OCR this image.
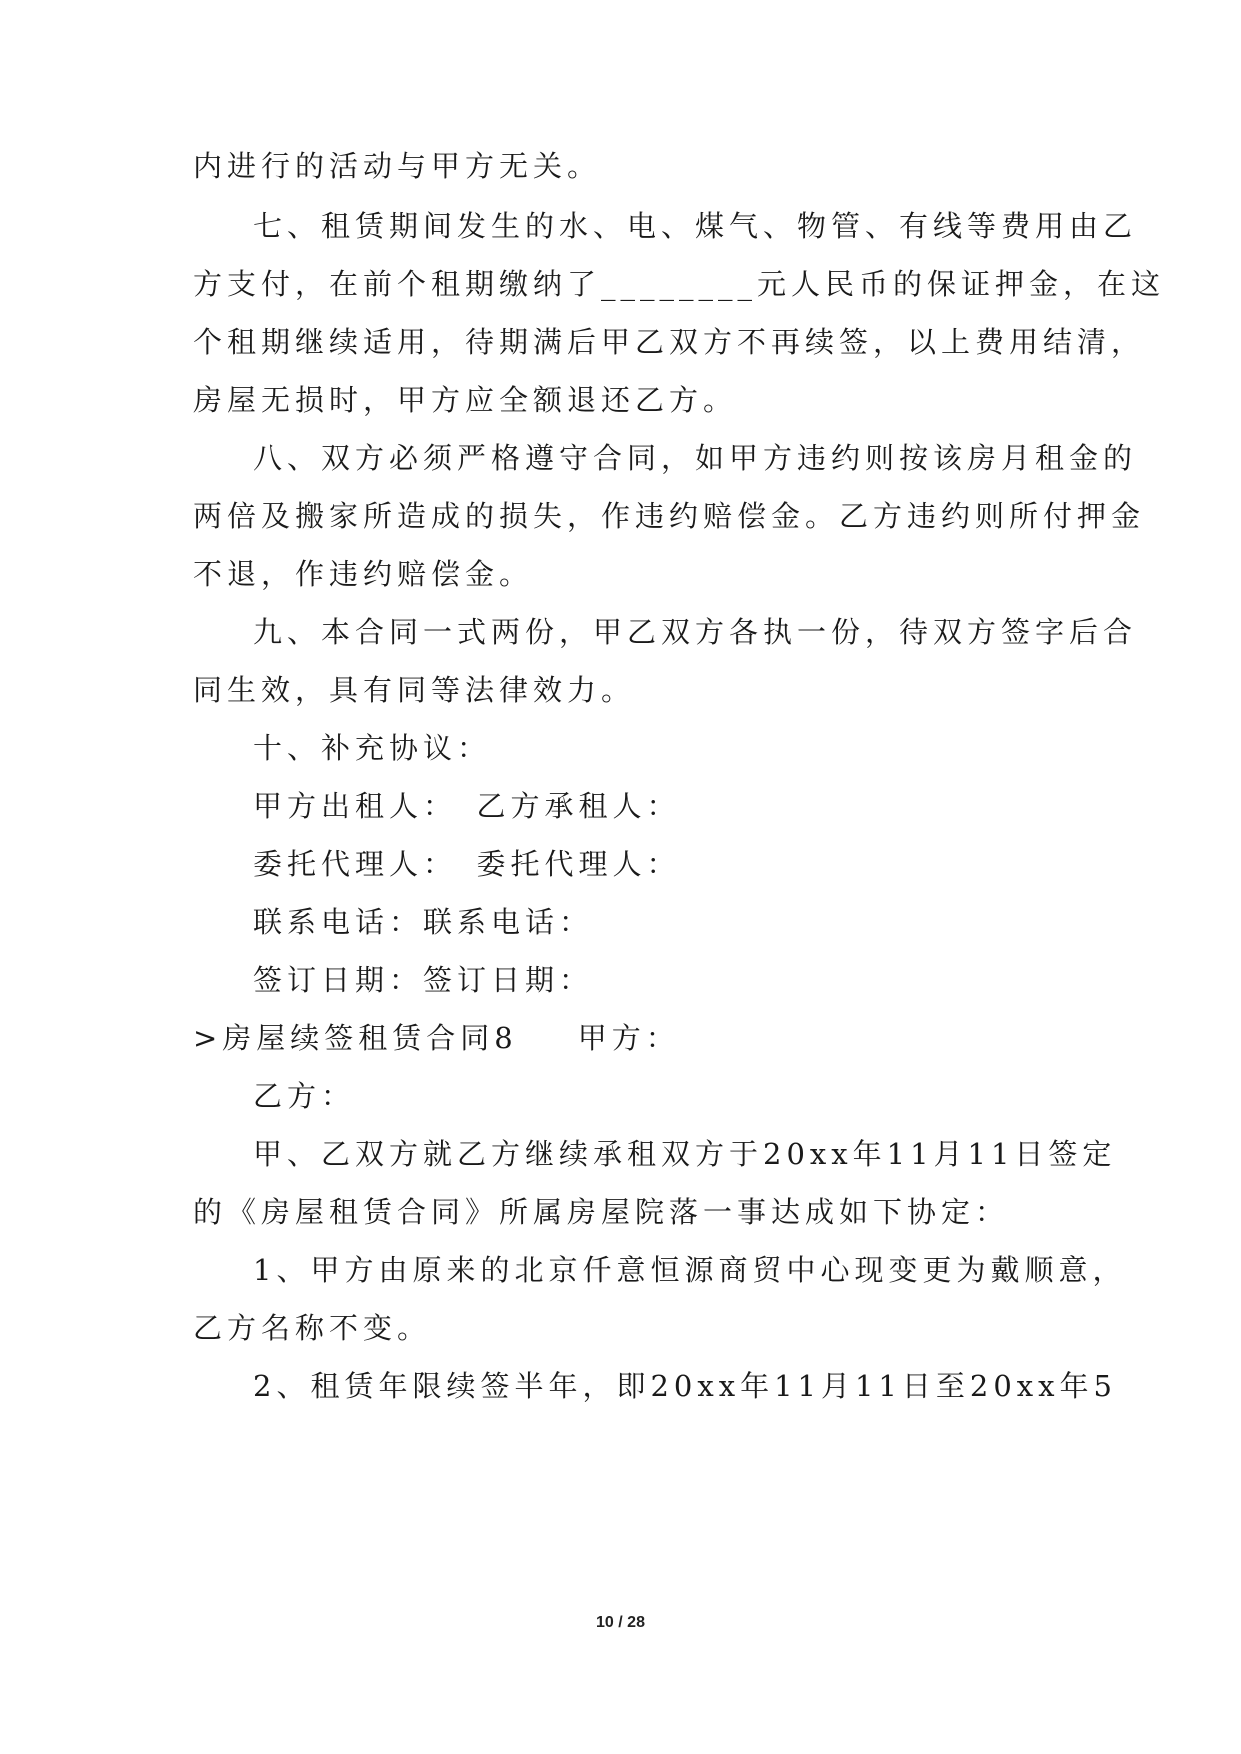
内进行的活动与甲方无关。
七、租赁期间发生的水、电、煤气、物管、有线等费用由乙
方支付，在前个租期缴纳了________元人民币的保证押金，在这
个租期继续适用，待期满后甲乙双方不再续签，以上费用结清，
房屋无损时，甲方应全额退还乙方。
八、双方必须严格遵守合同，如甲方违约则按该房月租金的
两倍及搬家所造成的损失，作违约赔偿金。乙方违约则所付押金
不退，作违约赔偿金。
九、本合同一式两份，甲乙双方各执一份，待双方签字后合
同生效，具有同等法律效力。
十、补充协议：
甲方出租人：　乙方承租人：
委托代理人：　委托代理人：
联系电话：联系电话：
签订日期：签订日期：
>房屋续签租赁合同8 甲方：
乙方：
甲、乙双方就乙方继续承租双方于20xx年11月11日签定
的《房屋租赁合同》所属房屋院落一事达成如下协定：
1、甲方由原来的北京仟意恒源商贸中心现变更为戴顺意，
乙方名称不变。
2、租赁年限续签半年，即20xx年11月11日至20xx年5
10 / 28
